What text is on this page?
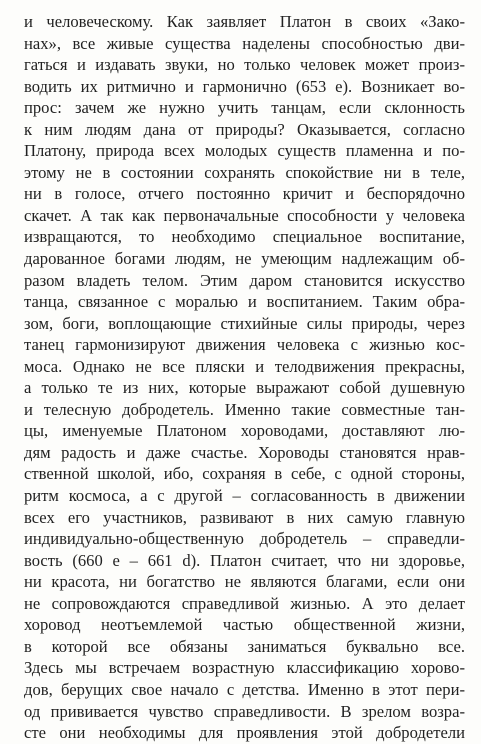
и человеческому. Как заявляет Платон в своих «Зако-
нах», все живые существа наделены способностью дви-
гаться и издавать звуки, но только человек может произ-
водить их ритмично и гармонично (653 е). Возникает во-
прос: зачем же нужно учить танцам, если склонность
к ним людям дана от природы? Оказывается, согласно
Платону, природа всех молодых существ пламенна и по-
этому не в состоянии сохранять спокойствие ни в теле,
ни в голосе, отчего постоянно кричит и беспорядочно
скачет. А так как первоначальные способности у человека
извращаются, то необходимо специальное воспитание,
дарованное богами людям, не умеющим надлежащим об-
разом владеть телом. Этим даром становится искусство
танца, связанное с моралью и воспитанием. Таким обра-
зом, боги, воплощающие стихийные силы природы, через
танец гармонизируют движения человека с жизнью кос-
моса. Однако не все пляски и телодвижения прекрасны,
а только те из них, которые выражают собой душевную
и телесную добродетель. Именно такие совместные тан-
цы, именуемые Платоном хороводами, доставляют лю-
дям радость и даже счастье. Хороводы становятся нрав-
ственной школой, ибо, сохраняя в себе, с одной стороны,
ритм космоса, а с другой – согласованность в движении
всех его участников, развивают в них самую главную
индивидуально-общественную добродетель – справедли-
вость (660 е – 661 d). Платон считает, что ни здоровье,
ни красота, ни богатство не являются благами, если они
не сопровождаются справедливой жизнью. А это делает
хоровод неотъемлемой частью общественной жизни,
в которой все обязаны заниматься буквально все.
Здесь мы встречаем возрастную классификацию хорово-
дов, берущих свое начало с детства. Именно в этот пери-
од прививается чувство справедливости. В зрелом возра-
сте они необходимы для проявления этой добродетели
